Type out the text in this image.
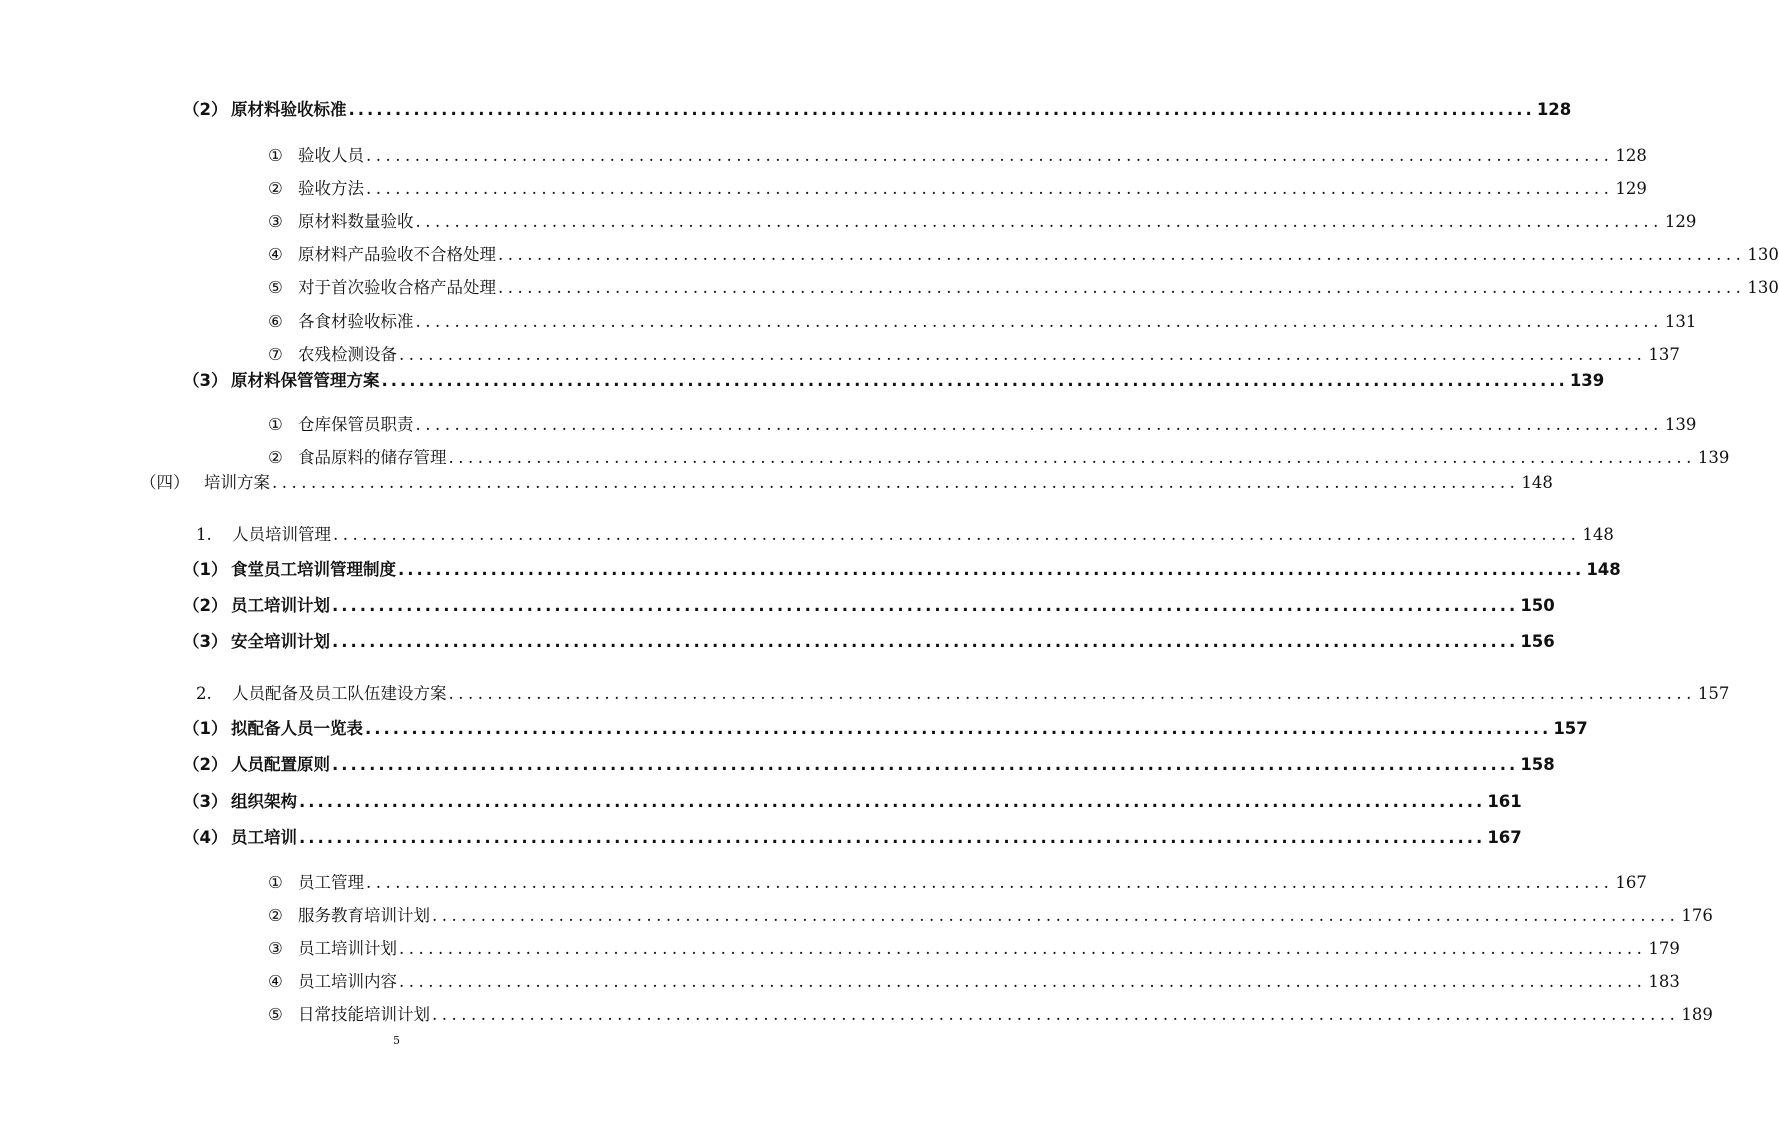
（2） 原材料验收标准 ................................................................................................................................ 128
① 验收人员 ................................................................................................................................ 128
② 验收方法 ................................................................................................................................ 129
③ 原材料数量验收 ................................................................................................................................ 129
④ 原材料产品验收不合格处理 ................................................................................................................................ 130
⑤ 对于首次验收合格产品处理 ................................................................................................................................ 130
⑥ 各食材验收标准 ................................................................................................................................ 131
⑦ 农残检测设备 ................................................................................................................................ 137
（3） 原材料保管管理方案 ................................................................................................................................ 139
① 仓库保管员职责 ................................................................................................................................ 139
② 食品原料的储存管理 ................................................................................................................................ 139
（四） 培训方案 ................................................................................................................................ 148
1.	人员培训管理 ................................................................................................................................ 148
（1） 食堂员工培训管理制度 ................................................................................................................................ 148
（2） 员工培训计划 ................................................................................................................................ 150
（3） 安全培训计划 ................................................................................................................................ 156
2.	人员配备及员工队伍建设方案 ................................................................................................................................ 157
（1） 拟配备人员一览表 ................................................................................................................................ 157
（2） 人员配置原则 ................................................................................................................................ 158
（3） 组织架构 ................................................................................................................................ 161
（4） 员工培训 ................................................................................................................................ 167
① 员工管理 ................................................................................................................................ 167
② 服务教育培训计划 ................................................................................................................................ 176
③ 员工培训计划 ................................................................................................................................ 179
④ 员工培训内容 ................................................................................................................................ 183
⑤ 日常技能培训计划 ................................................................................................................................ 189
5
